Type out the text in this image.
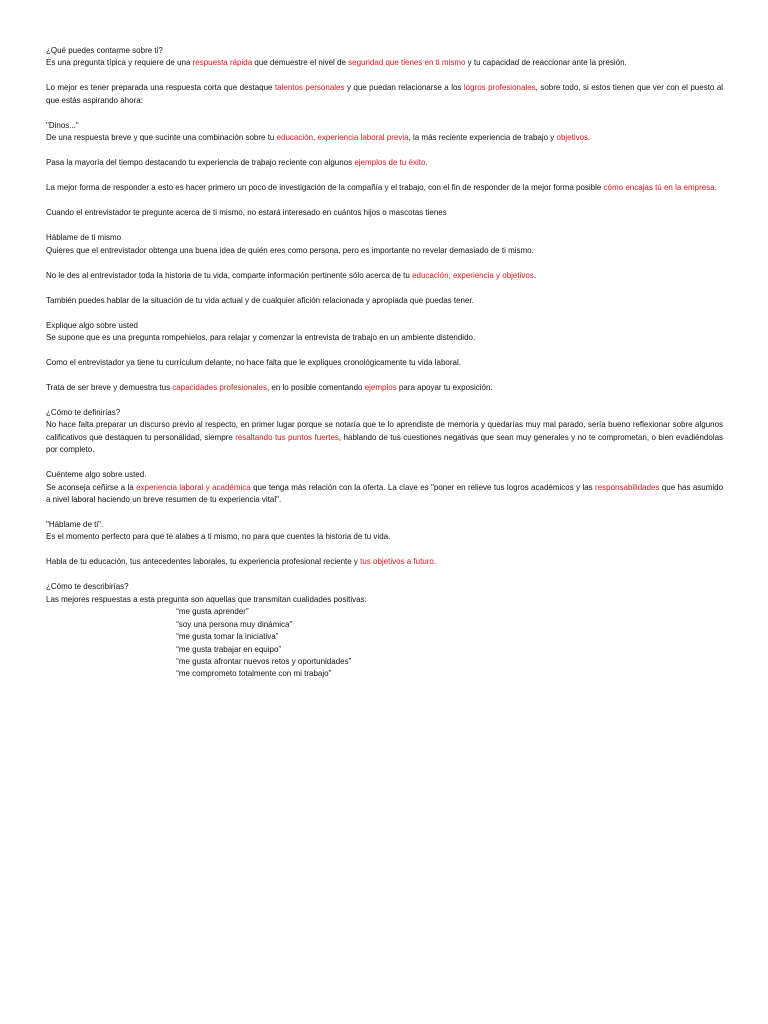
¿Qué puedes contarme sobre ti?
Es una pregunta típica y requiere de una respuesta rápida que demuestre el nivel de seguridad que tienes en ti mismo y tu capacidad de reaccionar ante la presión.
Lo mejor es tener preparada una respuesta corta que destaque talentos personales y que puedan relacionarse a los logros profesionales, sobre todo, si estos tienen que ver con el puesto al que estás aspirando ahora:
"Dinos..."
De una respuesta breve y que sucinte una combinación sobre tu educación, experiencia laboral previa, la más reciente experiencia de trabajo y objetivos.
Pasa la mayoría del tiempo destacando tu experiencia de trabajo reciente con algunos ejemplos de tu éxito.
La mejor forma de responder a esto es hacer primero un poco de investigación de la compañía y el trabajo, con el fin de responder de la mejor forma posible cómo encajas tú en la empresa.
Cuando el entrevistador te pregunte acerca de ti mismo, no estará interesado en cuántos hijos o mascotas tienes
Háblame de ti mismo
Quieres que el entrevistador obtenga una buena idea de quién eres como persona, pero es importante no revelar demasiado de ti mismo.
No le des al entrevistador toda la historia de tu vida, comparte información pertinente sólo acerca de tu educación, experiencia y objetivos.
También puedes hablar de la situación de tu vida actual y de cualquier afición relacionada y apropiada que puedas tener.
Explique algo sobre usted
Se supone que es una pregunta rompehielos, para relajar y comenzar la entrevista de trabajo en un ambiente distendido.
Como el entrevistador ya tiene tu currículum delante, no hace falta que le expliques cronológicamente tu vida laboral.
Trata de ser breve y demuestra tus capacidades profesionales, en lo posible comentando ejemplos para apoyar tu exposición.
¿Cómo te definirías?
No hace falta preparar un discurso previo al respecto, en primer lugar porque se notaría que te lo aprendiste de memoria y quedarías muy mal parado, sería bueno reflexionar sobre algunos calificativos que destaquen tu personalidad, siempre resaltando tus puntos fuertes, hablando de tus cuestiones negativas que sean muy generales y no te comprometan, o bien evadiéndolas por completo.
Cuénteme algo sobre usted.
Se aconseja ceñirse a la experiencia laboral y académica que tenga más relación con la oferta. La clave es "poner en relieve tus logros académicos y las responsabilidades que has asumido a nivel laboral haciendo un breve resumen de tu experiencia vital".
"Háblame de ti".
Es el momento perfecto para que te alabes a ti mismo, no para que cuentes la historia de tu vida.
Habla de tu educación, tus antecedentes laborales, tu experiencia profesional reciente y tus objetivos a futuro.
¿Cómo te describirías?
Las mejores respuestas a esta pregunta son aquellas que transmitan cualidades positivas:
“me gusta aprender”
“soy una persona muy dinámica”
“me gusta tomar la iniciativa”
“me gusta trabajar en equipo”
“me gusta afrontar nuevos retos y oportunidades”
“me comprometo totalmente con mi trabajo”
